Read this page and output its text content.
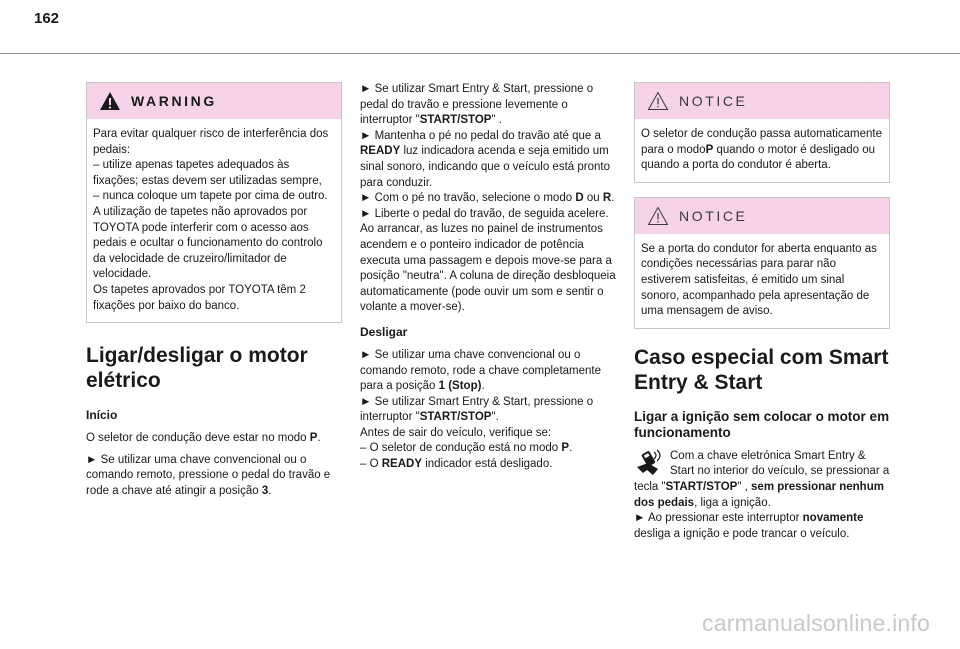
162
WARNING

Para evitar qualquer risco de interferência dos pedais:

– utilize apenas tapetes adequados às fixações; estas devem ser utilizadas sempre,

– nunca coloque um tapete por cima de outro.

A utilização de tapetes não aprovados por TOYOTA pode interferir com o acesso aos pedais e ocultar o funcionamento do controlo da velocidade de cruzeiro/limitador de velocidade.

Os tapetes aprovados por TOYOTA têm 2 fixações por baixo do banco.

Ligar/desligar o motor elétrico
Início

O seletor de condução deve estar no modo P.

► Se utilizar uma chave convencional ou o comando remoto, pressione o pedal do travão e rode a chave até atingir a posição 3.

► Se utilizar Smart Entry & Start, pressione o pedal do travão e pressione levemente o interruptor "START/STOP" .

► Mantenha o pé no pedal do travão até que a READY luz indicadora acenda e seja emitido um sinal sonoro, indicando que o veículo está pronto para conduzir.

► Com o pé no travão, selecione o modo D ou R.

► Liberte o pedal do travão, de seguida acelere.

Ao arrancar, as luzes no painel de instrumentos acendem e o ponteiro indicador de potência executa uma passagem e depois move-se para a posição "neutra". A coluna de direção desbloqueia automaticamente (pode ouvir um som e sentir o volante a mover-se).

Desligar

► Se utilizar uma chave convencional ou o comando remoto, rode a chave completamente para a posição 1 (Stop).

► Se utilizar Smart Entry & Start, pressione o interruptor "START/STOP".

Antes de sair do veículo, verifique se:

– O seletor de condução está no modo P.

– O READY indicador está desligado.

NOTICE

O seletor de condução passa automaticamente para o modoP quando o motor é desligado ou quando a porta do condutor é aberta.

NOTICE

Se a porta do condutor for aberta enquanto as condições necessárias para parar não estiverem satisfeitas, é emitido um sinal sonoro, acompanhado pela apresentação de uma mensagem de aviso.

Caso especial com Smart Entry & Start
Ligar a ignição sem colocar o motor em funcionamento

Com a chave eletrónica Smart Entry & Start no interior do veículo, se pressionar a tecla "START/STOP" , sem pressionar nenhum dos pedais, liga a ignição.

► Ao pressionar este interruptor novamente desliga a ignição e pode trancar o veículo.

carmanualsonline.info
